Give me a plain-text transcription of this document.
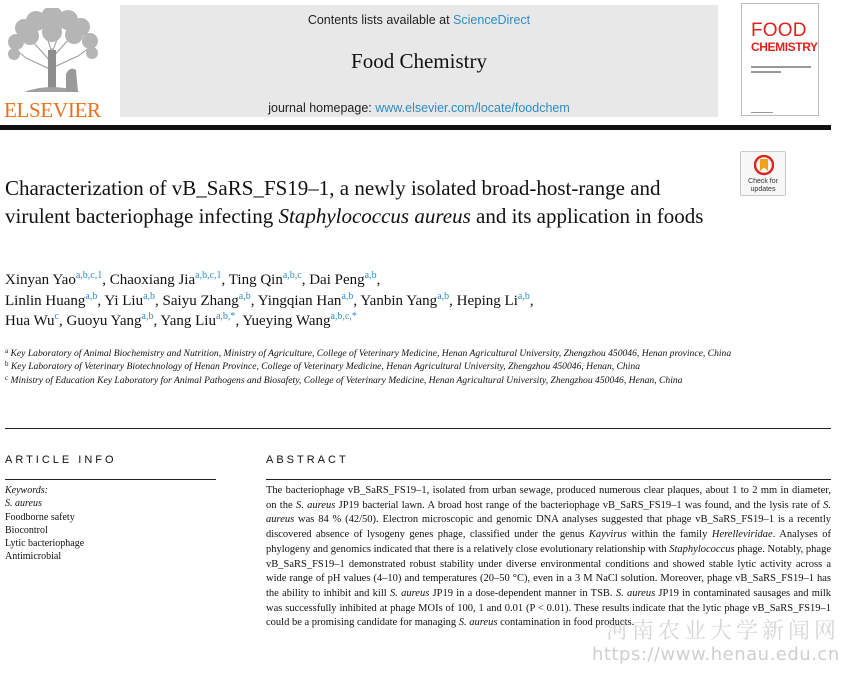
ELSEVIER
Contents lists available at ScienceDirect
Food Chemistry
journal homepage: www.elsevier.com/locate/foodchem
FOOD
CHEMISTRY
Check for
updates
Characterization of vB_SaRS_FS19–1, a newly isolated broad-host-range and virulent bacteriophage infecting Staphylococcus aureus and its application in foods
Xinyan Yao$^{a,b,c,1}$, Chaoxiang Jia$^{a,b,c,1}$, Ting Qin$^{a,b,c}$, Dai Peng$^{a,b}$,
Linlin Huang$^{a,b}$, Yi Liu$^{a,b}$, Saiyu Zhang$^{a,b}$, Yingqian Han$^{a,b}$, Yanbin Yang$^{a,b}$, Heping Li$^{a,b}$,
Hua Wu$^c$, Guoyu Yang$^{a,b}$, Yang Liu$^{a,b,*}$, Yueying Wang$^{a,b,c,*}$
$^a$ Key Laboratory of Animal Biochemistry and Nutrition, Ministry of Agriculture, College of Veterinary Medicine, Henan Agricultural University, Zhengzhou 450046, Henan province, China
$^b$ Key Laboratory of Veterinary Biotechnology of Henan Province, College of Veterinary Medicine, Henan Agricultural University, Zhengzhou 450046, Henan, China
$^c$ Ministry of Education Key Laboratory for Animal Pathogens and Biosafety, College of Veterinary Medicine, Henan Agricultural University, Zhengzhou 450046, Henan, China
ARTICLE INFO
Keywords:
S. aureus
Foodborne safety
Biocontrol
Lytic bacteriophage
Antimicrobial
ABSTRACT
The bacteriophage vB_SaRS_FS19–1, isolated from urban sewage, produced numerous clear plaques, about 1 to 2 mm in diameter, on the S. aureus JP19 bacterial lawn. A broad host range of the bacteriophage vB_SaRS_FS19–1 was found, and the lysis rate of S. aureus was 84 % (42/50). Electron microscopic and genomic DNA analyses suggested that phage vB_SaRS_FS19–1 is a recently discovered absence of lysogeny genes phage, classified under the genus Kayvirus within the family Herelleviridae. Analyses of phylogeny and genomics indicated that there is a relatively close evolutionary relationship with Staphylococcus phage. Notably, phage vB_SaRS_FS19–1 demonstrated robust stability under diverse environmental conditions and showed stable lytic activity across a wide range of pH values (4–10) and temperatures (20–50 °C), even in a 3 M NaCl solution. Moreover, phage vB_SaRS_FS19–1 has the ability to inhibit and kill S. aureus JP19 in a dose-dependent manner in TSB. S. aureus JP19 in contaminated sausages and milk was successfully inhibited at phage MOIs of 100, 1 and 0.01 (P < 0.01). These results indicate that the lytic phage vB_SaRS_FS19–1 could be a promising candidate for managing S. aureus contamination in food products.
河南农业大学新闻网
https://www.henau.edu.cn
